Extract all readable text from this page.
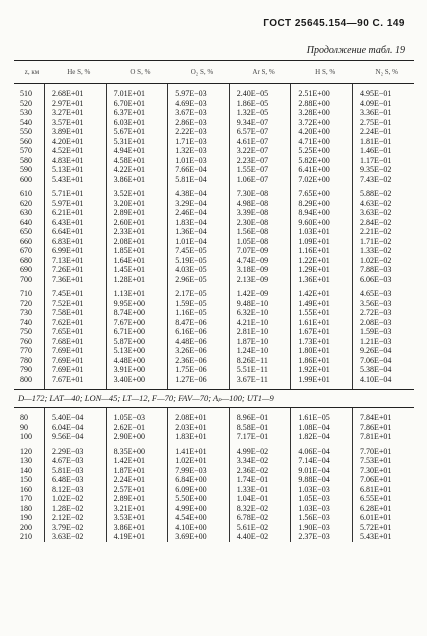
ГОСТ 25645.154—90 С. 149
Продолжение табл. 19
z, км	He S, %	O S, %	O₂ S, %	Ar S, %	H S, %	N₂ S, %
510	2.68E+01	7.01E+01	5.97E−03	2.40E−05	2.51E+00	4.95E−01
520	2.97E+01	6.70E+01	4.69E−03	1.86E−05	2.88E+00	4.09E−01
530	3.27E+01	6.37E+01	3.67E−03	1.32E−05	3.28E+00	3.36E−01
540	3.57E+01	6.03E+01	2.86E−03	9.34E−07	3.72E+00	2.75E−01
550	3.89E+01	5.67E+01	2.22E−03	6.57E−07	4.20E+00	2.24E−01
560	4.20E+01	5.31E+01	1.71E−03	4.61E−07	4.71E+00	1.81E−01
570	4.52E+01	4.94E+01	1.32E−03	3.22E−07	5.25E+00	1.46E−01
580	4.83E+01	4.58E+01	1.01E−03	2.23E−07	5.82E+00	1.17E−01
590	5.13E+01	4.22E+01	7.66E−04	1.55E−07	6.41E+00	9.35E−02
600	5.43E+01	3.86E+01	5.81E−04	1.06E−07	7.02E+00	7.43E−02
610	5.71E+01	3.52E+01	4.38E−04	7.30E−08	7.65E+00	5.88E−02
620	5.97E+01	3.20E+01	3.29E−04	4.98E−08	8.29E+00	4.63E−02
630	6.21E+01	2.89E+01	2.46E−04	3.39E−08	8.94E+00	3.63E−02
640	6.43E+01	2.60E+01	1.83E−04	2.30E−08	9.60E+00	2.84E−02
650	6.64E+01	2.33E+01	1.36E−04	1.56E−08	1.03E+01	2.21E−02
660	6.83E+01	2.08E+01	1.01E−04	1.05E−08	1.09E+01	1.71E−02
670	6.99E+01	1.85E+01	7.45E−05	7.07E−09	1.16E+01	1.33E−02
680	7.13E+01	1.64E+01	5.19E−05	4.74E−09	1.22E+01	1.02E−02
690	7.26E+01	1.45E+01	4.03E−05	3.18E−09	1.29E+01	7.88E−03
700	7.36E+01	1.28E+01	2.96E−05	2.13E−09	1.36E+01	6.06E−03
710	7.45E+01	1.13E+01	2.17E−05	1.42E−09	1.42E+01	4.65E−03
720	7.52E+01	9.95E+00	1.59E−05	9.48E−10	1.49E+01	3.56E−03
730	7.58E+01	8.74E+00	1.16E−05	6.32E−10	1.55E+01	2.72E−03
740	7.62E+01	7.67E+00	8.47E−06	4.21E−10	1.61E+01	2.08E−03
750	7.65E+01	6.71E+00	6.16E−06	2.81E−10	1.67E+01	1.59E−03
760	7.68E+01	5.87E+00	4.48E−06	1.87E−10	1.73E+01	1.21E−03
770	7.69E+01	5.13E+00	3.26E−06	1.24E−10	1.80E+01	9.26E−04
780	7.69E+01	4.48E+00	2.36E−06	8.26E−11	1.86E+01	7.06E−04
790	7.69E+01	3.91E+00	1.75E−06	5.51E−11	1.92E+01	5.38E−04
800	7.67E+01	3.40E+00	1.27E−06	3.67E−11	1.99E+01	4.10E−04
D—172; LAT—40; LON—45; LT—12, F—70; FAV—70; Aₚ—100; UT1—9
80	5.40E−04	1.05E−03	2.08E+01	8.96E−01	1.61E−05	7.84E+01
90	6.04E−04	2.62E−01	2.03E+01	8.58E−01	1.08E−04	7.86E+01
100	9.56E−04	2.90E+00	1.83E+01	7.17E−01	1.82E−04	7.81E+01
120	2.29E−03	8.35E+00	1.41E+01	4.99E−02	4.06E−04	7.70E+01
130	4.67E−03	1.42E+01	1.02E+01	3.34E−02	7.14E−04	7.53E+01
140	5.81E−03	1.87E+01	7.99E−03	2.36E−02	9.01E−04	7.30E+01
150	6.48E−03	2.24E+01	6.84E+00	1.74E−01	9.88E−04	7.06E+01
160	8.12E−03	2.57E+01	6.09E+00	1.33E−01	1.03E−03	6.81E+01
170	1.02E−02	2.89E+01	5.50E+00	1.04E−01	1.05E−03	6.55E+01
180	1.28E−02	3.21E+01	4.99E+00	8.32E−02	1.03E−03	6.28E+01
190	2.12E−02	3.53E+01	4.54E+00	6.78E−02	1.56E−03	6.01E+01
200	3.79E−02	3.86E+01	4.10E+00	5.61E−02	1.90E−03	5.72E+01
210	3.63E−02	4.19E+01	3.69E+00	4.40E−02	2.37E−03	5.43E+01
